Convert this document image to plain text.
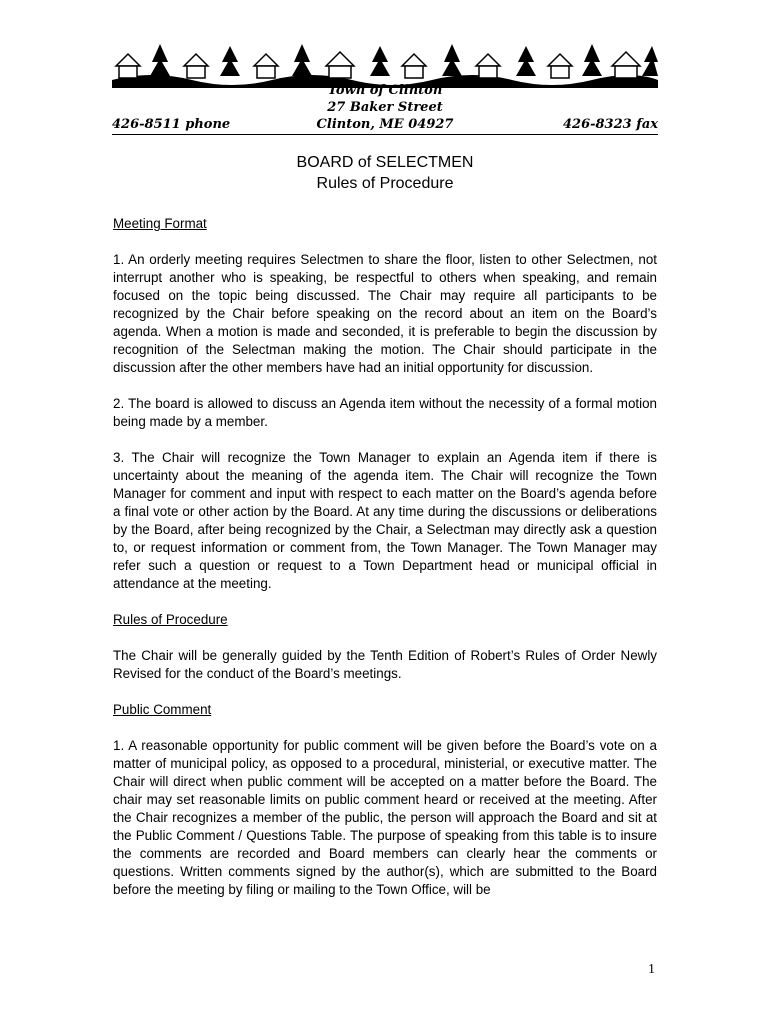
Town of Clinton
27 Baker Street
426-8511 phone	Clinton, ME 04927	426-8323 fax
BOARD of SELECTMEN
Rules of Procedure
Meeting Format

1. An orderly meeting requires Selectmen to share the floor, listen to other Selectmen, not interrupt another who is speaking, be respectful to others when speaking, and remain focused on the topic being discussed. The Chair may require all participants to be recognized by the Chair before speaking on the record about an item on the Board’s agenda. When a motion is made and seconded, it is preferable to begin the discussion by recognition of the Selectman making the motion. The Chair should participate in the discussion after the other members have had an initial opportunity for discussion.

2. The board is allowed to discuss an Agenda item without the necessity of a formal motion being made by a member.

3. The Chair will recognize the Town Manager to explain an Agenda item if there is uncertainty about the meaning of the agenda item. The Chair will recognize the Town Manager for comment and input with respect to each matter on the Board’s agenda before a final vote or other action by the Board. At any time during the discussions or deliberations by the Board, after being recognized by the Chair, a Selectman may directly ask a question to, or request information or comment from, the Town Manager. The Town Manager may refer such a question or request to a Town Department head or municipal official in attendance at the meeting.

Rules of Procedure

The Chair will be generally guided by the Tenth Edition of Robert’s Rules of Order Newly Revised for the conduct of the Board’s meetings.

Public Comment

1. A reasonable opportunity for public comment will be given before the Board’s vote on a matter of municipal policy, as opposed to a procedural, ministerial, or executive matter. The Chair will direct when public comment will be accepted on a matter before the Board. The chair may set reasonable limits on public comment heard or received at the meeting. After the Chair recognizes a member of the public, the person will approach the Board and sit at the Public Comment / Questions Table. The purpose of speaking from this table is to insure the comments are recorded and Board members can clearly hear the comments or questions. Written comments signed by the author(s), which are submitted to the Board before the meeting by filing or mailing to the Town Office, will be

1
